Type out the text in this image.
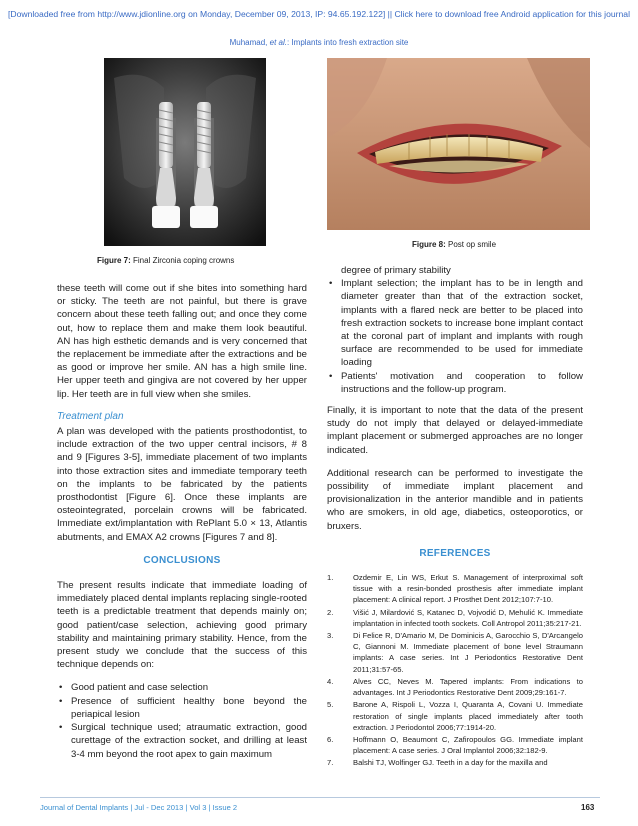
[Downloaded free from http://www.jdionline.org on Monday, December 09, 2013, IP: 94.65.192.122] || Click here to download free Android application for this journal
Muhamad, et al.: Implants into fresh extraction site
Figure 7: Final Zirconia coping crowns
Figure 8: Post op smile

these teeth will come out if she bites into something hard or sticky. The teeth are not painful, but there is grave concern about these teeth falling out; and once they come out, how to replace them and make them look beautiful. AN has high esthetic demands and is very concerned that the replacement be immediate after the extractions and be as good or improve her smile. AN has a high smile line. Her upper teeth and gingiva are not covered by her upper lip. Her teeth are in full view when she smiles.

Treatment plan

A plan was developed with the patients prosthodontist, to include extraction of the two upper central incisors, # 8 and 9 [Figures 3-5], immediate placement of two implants into those extraction sites and immediate temporary teeth on the implants to be fabricated by the patients prosthodontist [Figure 6]. Once these implants are osteointegrated, porcelain crowns will be fabricated. Immediate ext/implantation with RePlant 5.0 × 13, Atlantis abutments, and EMAX A2 crowns [Figures 7 and 8].

CONCLUSIONS

The present results indicate that immediate loading of immediately placed dental implants replacing single-rooted teeth is a predictable treatment that depends mainly on; good patient/case selection, achieving good primary stability and maintaining primary stability. Hence, from the present study we conclude that the success of this technique depends on:

• Good patient and case selection
• Presence of sufficient healthy bone beyond the periapical lesion
• Surgical technique used; atraumatic extraction, good curettage of the extraction socket, and drilling at least 3-4 mm beyond the root apex to gain maximum
degree of primary stability
• Implant selection; the implant has to be in length and diameter greater than that of the extraction socket, implants with a flared neck are better to be placed into fresh extraction sockets to increase bone implant contact at the coronal part of implant and implants with rough surface are recommended to be used for immediate loading
• Patients' motivation and cooperation to follow instructions and the follow-up program.

Finally, it is important to note that the data of the present study do not imply that delayed or delayed-immediate implant placement or submerged approaches are no longer indicated.

Additional research can be performed to investigate the possibility of immediate implant placement and provisionalization in the anterior mandible and in patients who are smokers, in old age, diabetics, osteoporotics, or bruxers.

REFERENCES
1.	Ozdemir E, Lin WS, Erkut S. Management of interproximal soft tissue with a resin-bonded prosthesis after immediate implant placement: A clinical report. J Prosthet Dent 2012;107:7-10.
2.	Višić J, Milardović S, Katanec D, Vojvodić D, Mehulić K. Immediate implantation in infected tooth sockets. Coll Antropol 2011;35:217-21.
3.	Di Felice R, D'Amario M, De Dominicis A, Garocchio S, D'Arcangelo C, Giannoni M. Immediate placement of bone level Straumann implants: A case series. Int J Periodontics Restorative Dent 2011;31:57-65.
4.	Alves CC, Neves M. Tapered implants: From indications to advantages. Int J Periodontics Restorative Dent 2009;29:161-7.
5.	Barone A, Rispoli L, Vozza I, Quaranta A, Covani U. Immediate restoration of single implants placed immediately after tooth extraction. J Periodontol 2006;77:1914-20.
6.	Hoffmann O, Beaumont C, Zafiropoulos GG. Immediate implant placement: A case series. J Oral Implantol 2006;32:182-9.
7.	Balshi TJ, Wolfinger GJ. Teeth in a day for the maxilla and
Journal of Dental Implants | Jul - Dec 2013 | Vol 3 | Issue 2	163
